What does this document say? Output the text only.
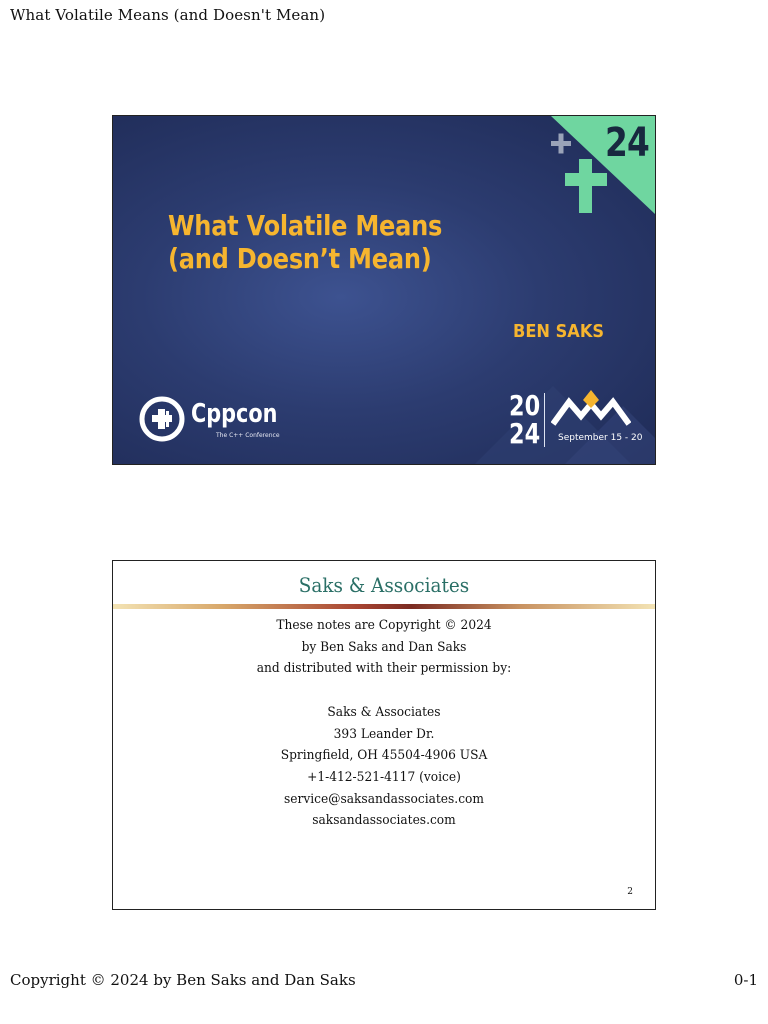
What Volatile Means (and Doesn't Mean)
24
What Volatile Means
(and Doesn’t Mean)
BEN SAKS
Cppcon
The C++ Conference
20
24 September 15 - 20
Saks & Associates
These notes are Copyright © 2024
by Ben Saks and Dan Saks
and distributed with their permission by:

Saks & Associates
393 Leander Dr.
Springfield, OH 45504-4906 USA
+1-412-521-4117 (voice)
service@saksandassociates.com
saksandassociates.com
2
Copyright © 2024 by Ben Saks and Dan Saks	0-1
